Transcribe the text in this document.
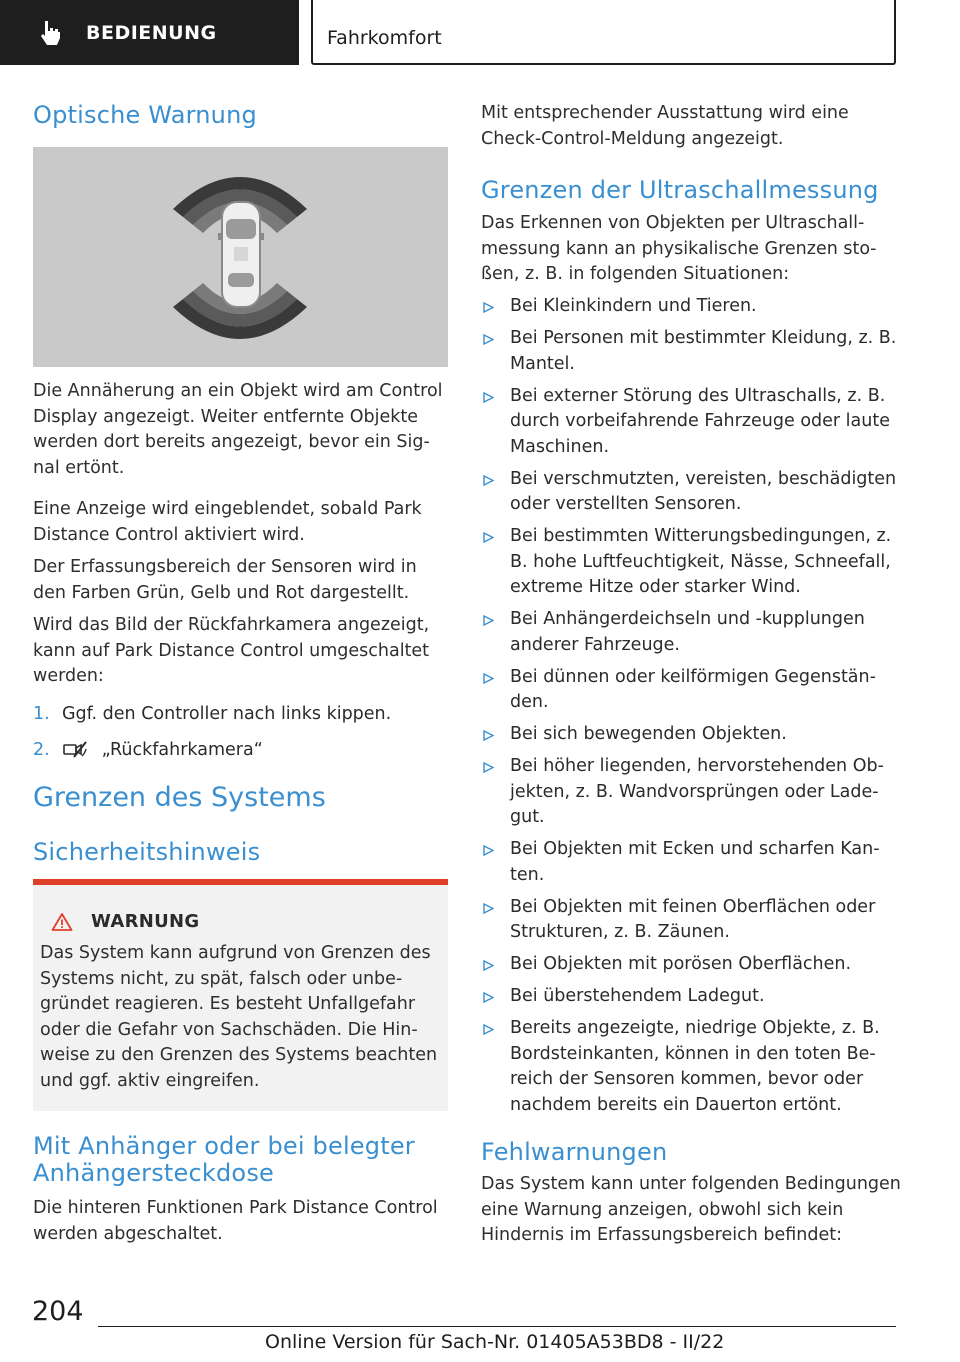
BEDIENUNG	Fahrkomfort
Optische Warnung
Die Annäherung an ein Objekt wird am Control Display angezeigt. Weiter entfernte Objekte werden dort bereits angezeigt, bevor ein Signal ertönt.
Eine Anzeige wird eingeblendet, sobald Park Distance Control aktiviert wird.
Der Erfassungsbereich der Sensoren wird in den Farben Grün, Gelb und Rot dargestellt.
Wird das Bild der Rückfahrkamera angezeigt, kann auf Park Distance Control umgeschaltet werden:
1. Ggf. den Controller nach links kippen.
2.	„Rückfahrkamera“
Grenzen des Systems
Sicherheitshinweis
WARNUNG
Das System kann aufgrund von Grenzen des Systems nicht, zu spät, falsch oder unbegründet reagieren. Es besteht Unfallgefahr oder die Gefahr von Sachschäden. Die Hinweise zu den Grenzen des Systems beachten und ggf. aktiv eingreifen.
Mit Anhänger oder bei belegter Anhängersteckdose
Die hinteren Funktionen Park Distance Control werden abgeschaltet.
Mit entsprechender Ausstattung wird eine Check-Control-Meldung angezeigt.
Grenzen der Ultraschallmessung
Das Erkennen von Objekten per Ultraschallmessung kann an physikalische Grenzen stoßen, z. B. in folgenden Situationen:
Bei Kleinkindern und Tieren.
Bei Personen mit bestimmter Kleidung, z. B. Mantel.
Bei externer Störung des Ultraschalls, z. B. durch vorbeifahrende Fahrzeuge oder laute Maschinen.
Bei verschmutzten, vereisten, beschädigten oder verstellten Sensoren.
Bei bestimmten Witterungsbedingungen, z. B. hohe Luftfeuchtigkeit, Nässe, Schneefall, extreme Hitze oder starker Wind.
Bei Anhängerdeichseln und -kupplungen anderer Fahrzeuge.
Bei dünnen oder keilförmigen Gegenständen.
Bei sich bewegenden Objekten.
Bei höher liegenden, hervorstehenden Objekten, z. B. Wandvorsprüngen oder Ladegut.
Bei Objekten mit Ecken und scharfen Kanten.
Bei Objekten mit feinen Oberflächen oder Strukturen, z. B. Zäunen.
Bei Objekten mit porösen Oberflächen.
Bei überstehendem Ladegut.
Bereits angezeigte, niedrige Objekte, z. B. Bordsteinkanten, können in den toten Bereich der Sensoren kommen, bevor oder nachdem bereits ein Dauerton ertönt.
Fehlwarnungen
Das System kann unter folgenden Bedingungen eine Warnung anzeigen, obwohl sich kein Hindernis im Erfassungsbereich befindet:
204
Online Version für Sach-Nr. 01405A53BD8 - II/22
